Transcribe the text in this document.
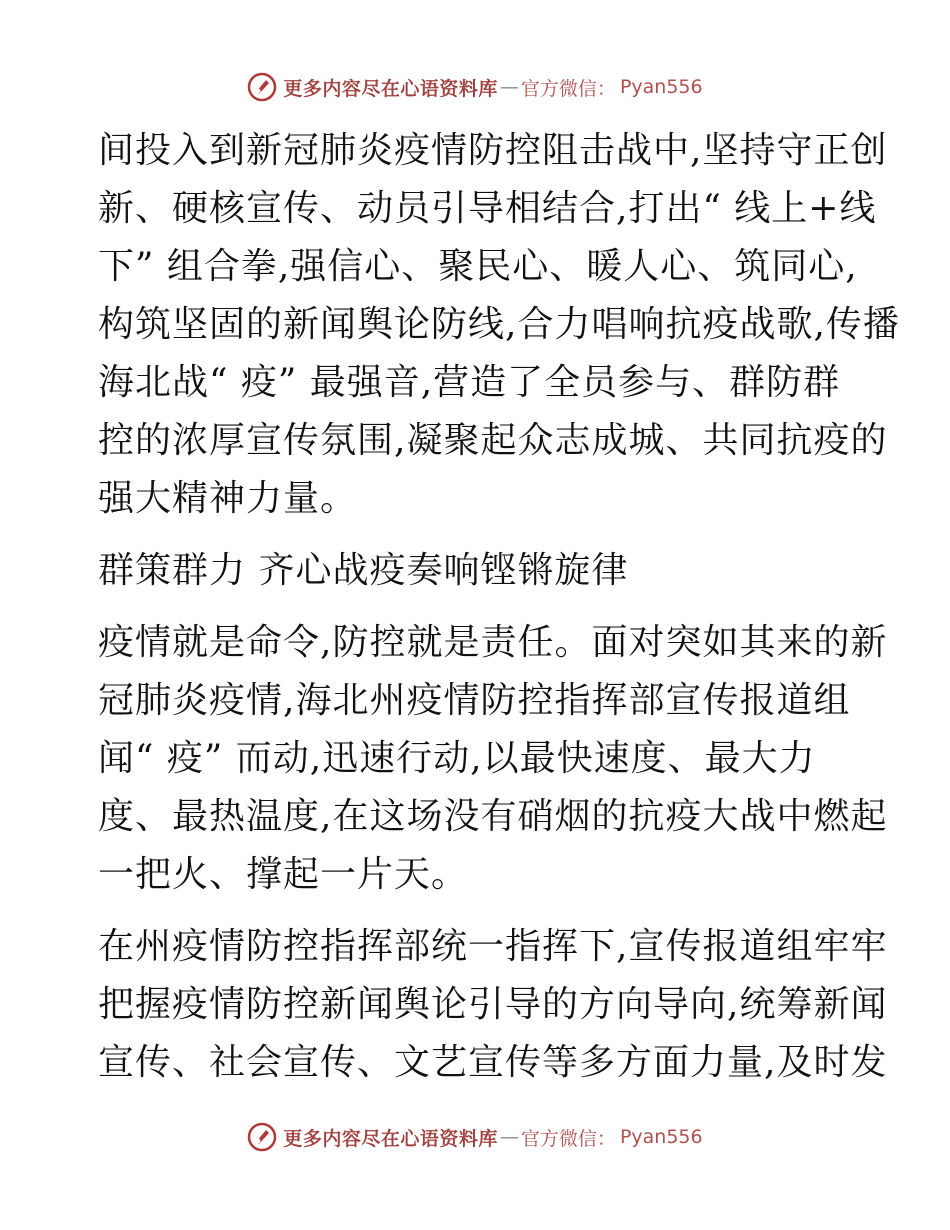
更多内容尽在心语资料库 — 官方微信： Pyan556
间投入到新冠肺炎疫情防控阻击战中,坚持守正创
新、硬核宣传、动员引导相结合,打出“ 线上+线
下” 组合拳,强信心、聚民心、暖人心、筑同心,
构筑坚固的新闻舆论防线,合力唱响抗疫战歌,传播
海北战“ 疫” 最强音,营造了全员参与、群防群
控的浓厚宣传氛围,凝聚起众志成城、共同抗疫的
强大精神力量。
群策群力 齐心战疫奏响铿锵旋律
疫情就是命令,防控就是责任。面对突如其来的新
冠肺炎疫情,海北州疫情防控指挥部宣传报道组
闻“ 疫” 而动,迅速行动,以最快速度、最大力
度、最热温度,在这场没有硝烟的抗疫大战中燃起
一把火、撑起一片天。
在州疫情防控指挥部统一指挥下,宣传报道组牢牢
把握疫情防控新闻舆论引导的方向导向,统筹新闻
宣传、社会宣传、文艺宣传等多方面力量,及时发
更多内容尽在心语资料库 — 官方微信： Pyan556
